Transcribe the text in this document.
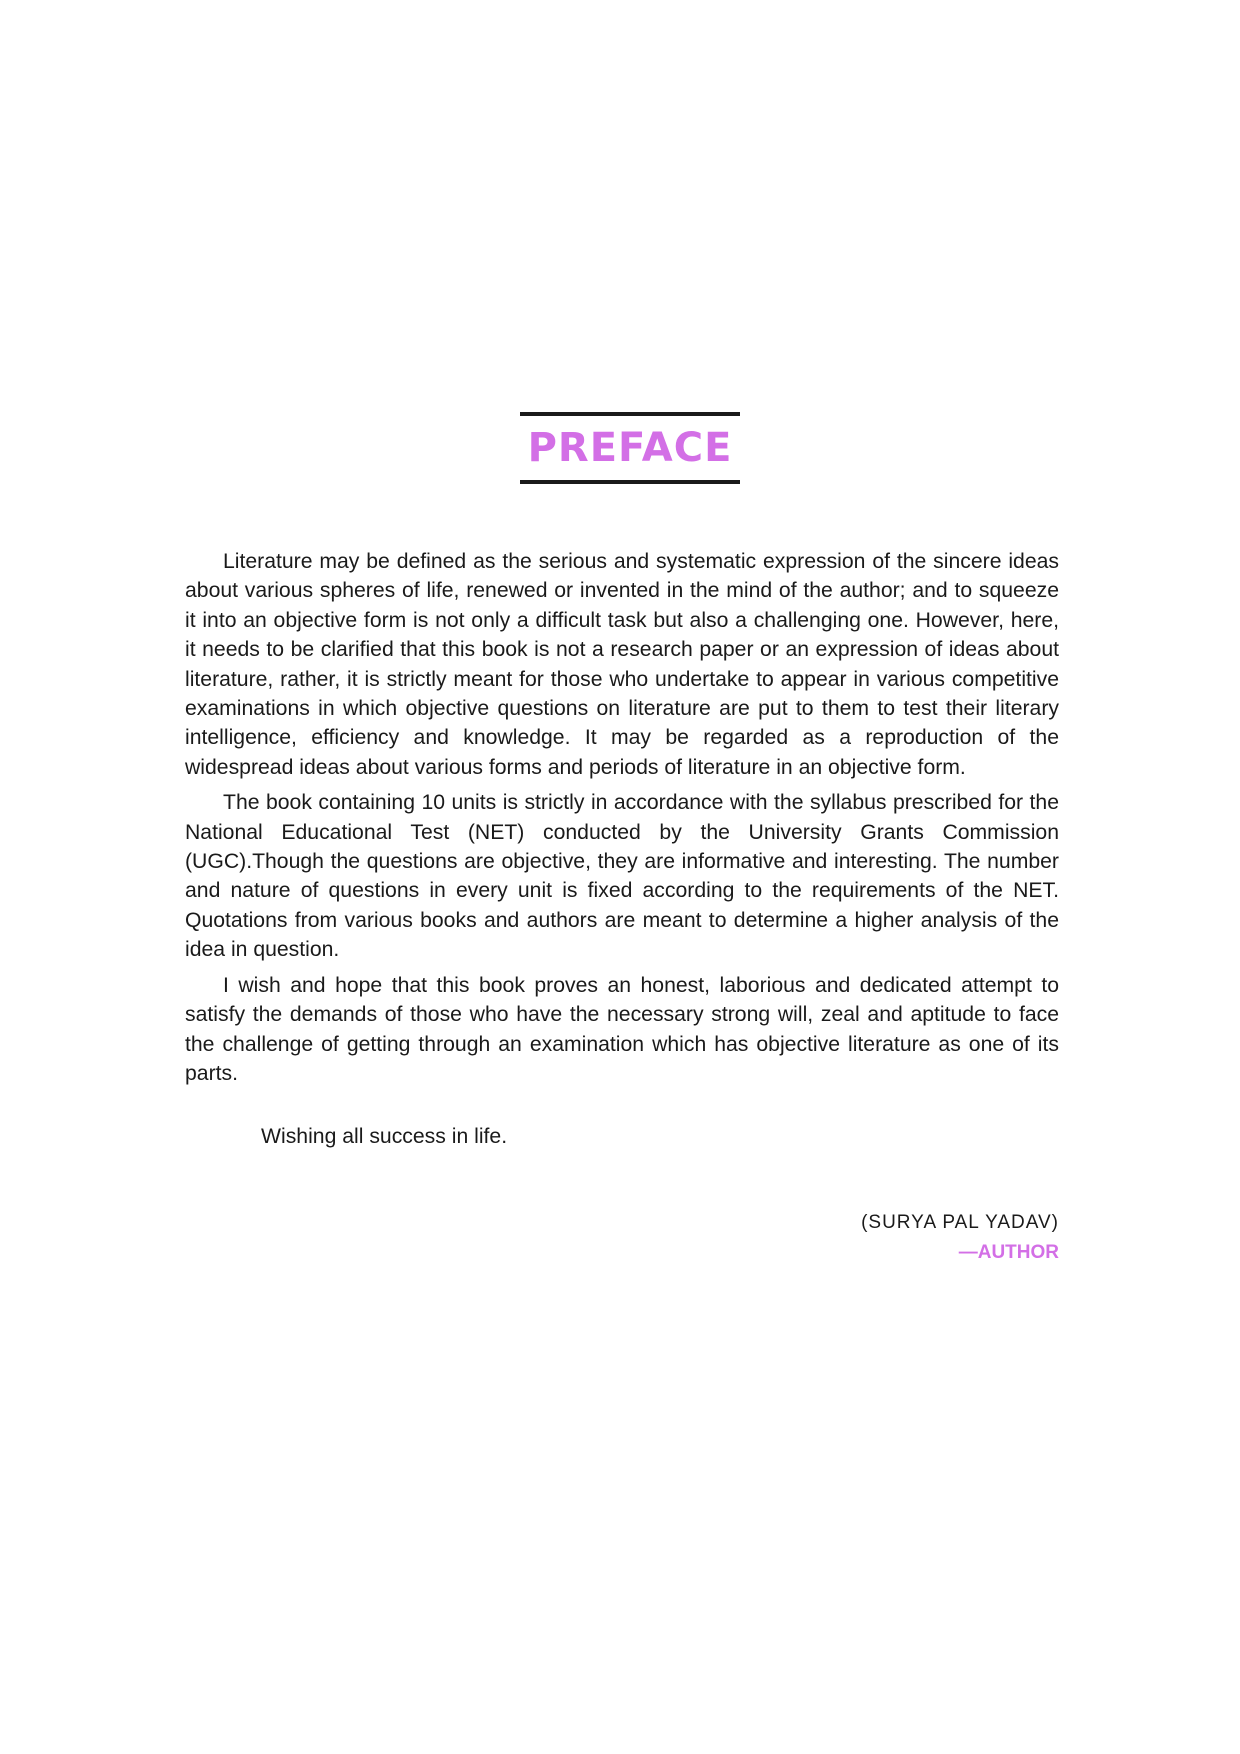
PREFACE

Literature may be defined as the serious and systematic expression of the sincere ideas about various spheres of life, renewed or invented in the mind of the author; and to squeeze it into an objective form is not only a difficult task but also a challenging one. However, here, it needs to be clarified that this book is not a research paper or an expression of ideas about literature, rather, it is strictly meant for those who undertake to appear in various competitive examinations in which objective questions on literature are put to them to test their literary intelligence, efficiency and knowledge. It may be regarded as a reproduction of the widespread ideas about various forms and periods of literature in an objective form.

The book containing 10 units is strictly in accordance with the syllabus prescribed for the National Educational Test (NET) conducted by the University Grants Commission (UGC).Though the questions are objective, they are informative and interesting. The number and nature of questions in every unit is fixed according to the requirements of the NET. Quotations from various books and authors are meant to determine a higher analysis of the idea in question.

I wish and hope that this book proves an honest, laborious and dedicated attempt to satisfy the demands of those who have the necessary strong will, zeal and aptitude to face the challenge of getting through an examination which has objective literature as one of its parts.

Wishing all success in life.
(SURYA PAL YADAV)
—AUTHOR
